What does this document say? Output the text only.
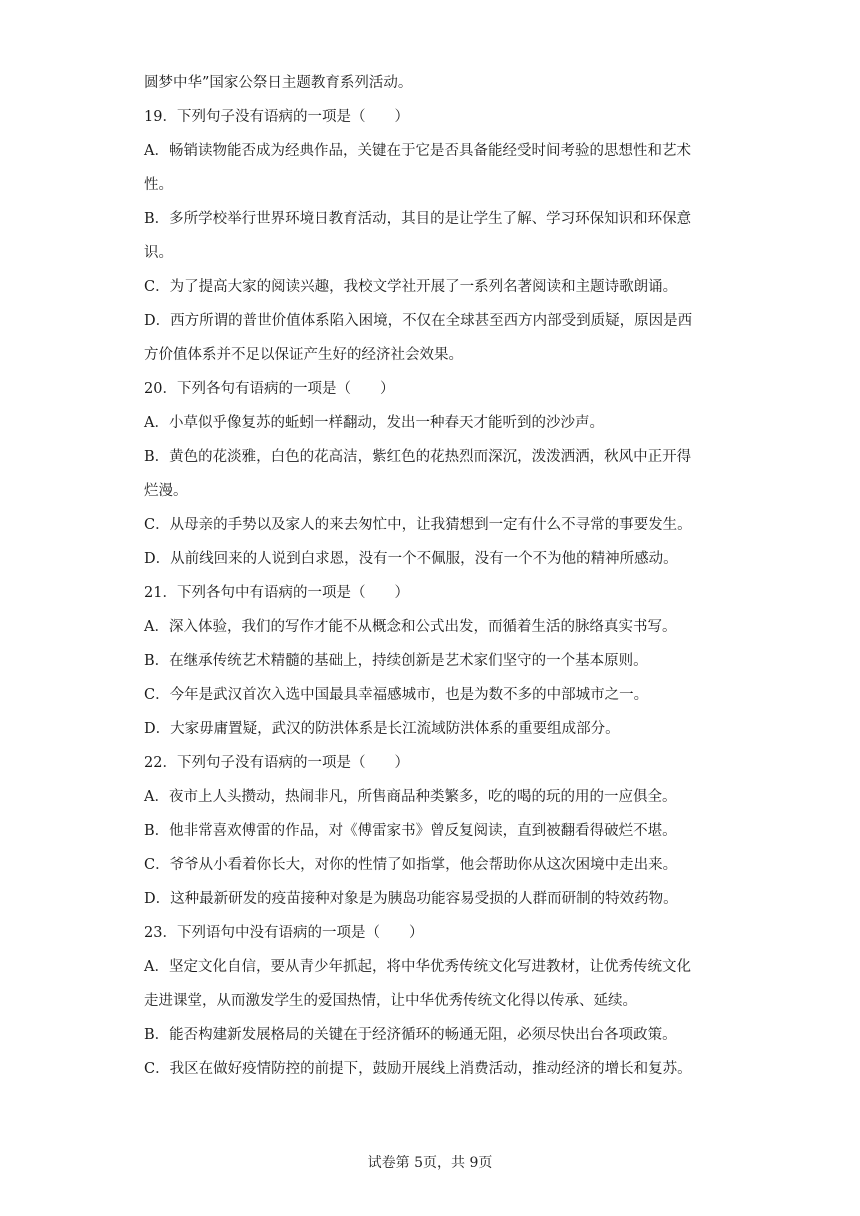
圆梦中华”国家公祭日主题教育系列活动。
19．下列句子没有语病的一项是（　　）
A．畅销读物能否成为经典作品，关键在于它是否具备能经受时间考验的思想性和艺术
性。
B．多所学校举行世界环境日教育活动，其目的是让学生了解、学习环保知识和环保意
识。
C．为了提高大家的阅读兴趣，我校文学社开展了一系列名著阅读和主题诗歌朗诵。
D．西方所谓的普世价值体系陷入困境，不仅在全球甚至西方内部受到质疑，原因是西
方价值体系并不足以保证产生好的经济社会效果。
20．下列各句有语病的一项是（　　）
A．小草似乎像复苏的蚯蚓一样翻动，发出一种春天才能听到的沙沙声。
B．黄色的花淡雅，白色的花高洁，紫红色的花热烈而深沉，泼泼洒洒，秋风中正开得
烂漫。
C．从母亲的手势以及家人的来去匆忙中，让我猜想到一定有什么不寻常的事要发生。
D．从前线回来的人说到白求恩，没有一个不佩服，没有一个不为他的精神所感动。
21．下列各句中有语病的一项是（　　）
A．深入体验，我们的写作才能不从概念和公式出发，而循着生活的脉络真实书写。
B．在继承传统艺术精髓的基础上，持续创新是艺术家们坚守的一个基本原则。
C．今年是武汉首次入选中国最具幸福感城市，也是为数不多的中部城市之一。
D．大家毋庸置疑，武汉的防洪体系是长江流域防洪体系的重要组成部分。
22．下列句子没有语病的一项是（　　）
A．夜市上人头攒动，热闹非凡，所售商品种类繁多，吃的喝的玩的用的一应俱全。
B．他非常喜欢傅雷的作品，对《傅雷家书》曾反复阅读，直到被翻看得破烂不堪。
C．爷爷从小看着你长大，对你的性情了如指掌，他会帮助你从这次困境中走出来。
D．这种最新研发的疫苗接种对象是为胰岛功能容易受损的人群而研制的特效药物。
23．下列语句中没有语病的一项是（　　）
A．坚定文化自信，要从青少年抓起，将中华优秀传统文化写进教材，让优秀传统文化
走进课堂，从而激发学生的爱国热情，让中华优秀传统文化得以传承、延续。
B．能否构建新发展格局的关键在于经济循环的畅通无阻，必须尽快出台各项政策。
C．我区在做好疫情防控的前提下，鼓励开展线上消费活动，推动经济的增长和复苏。
试卷第 5页，共 9页
